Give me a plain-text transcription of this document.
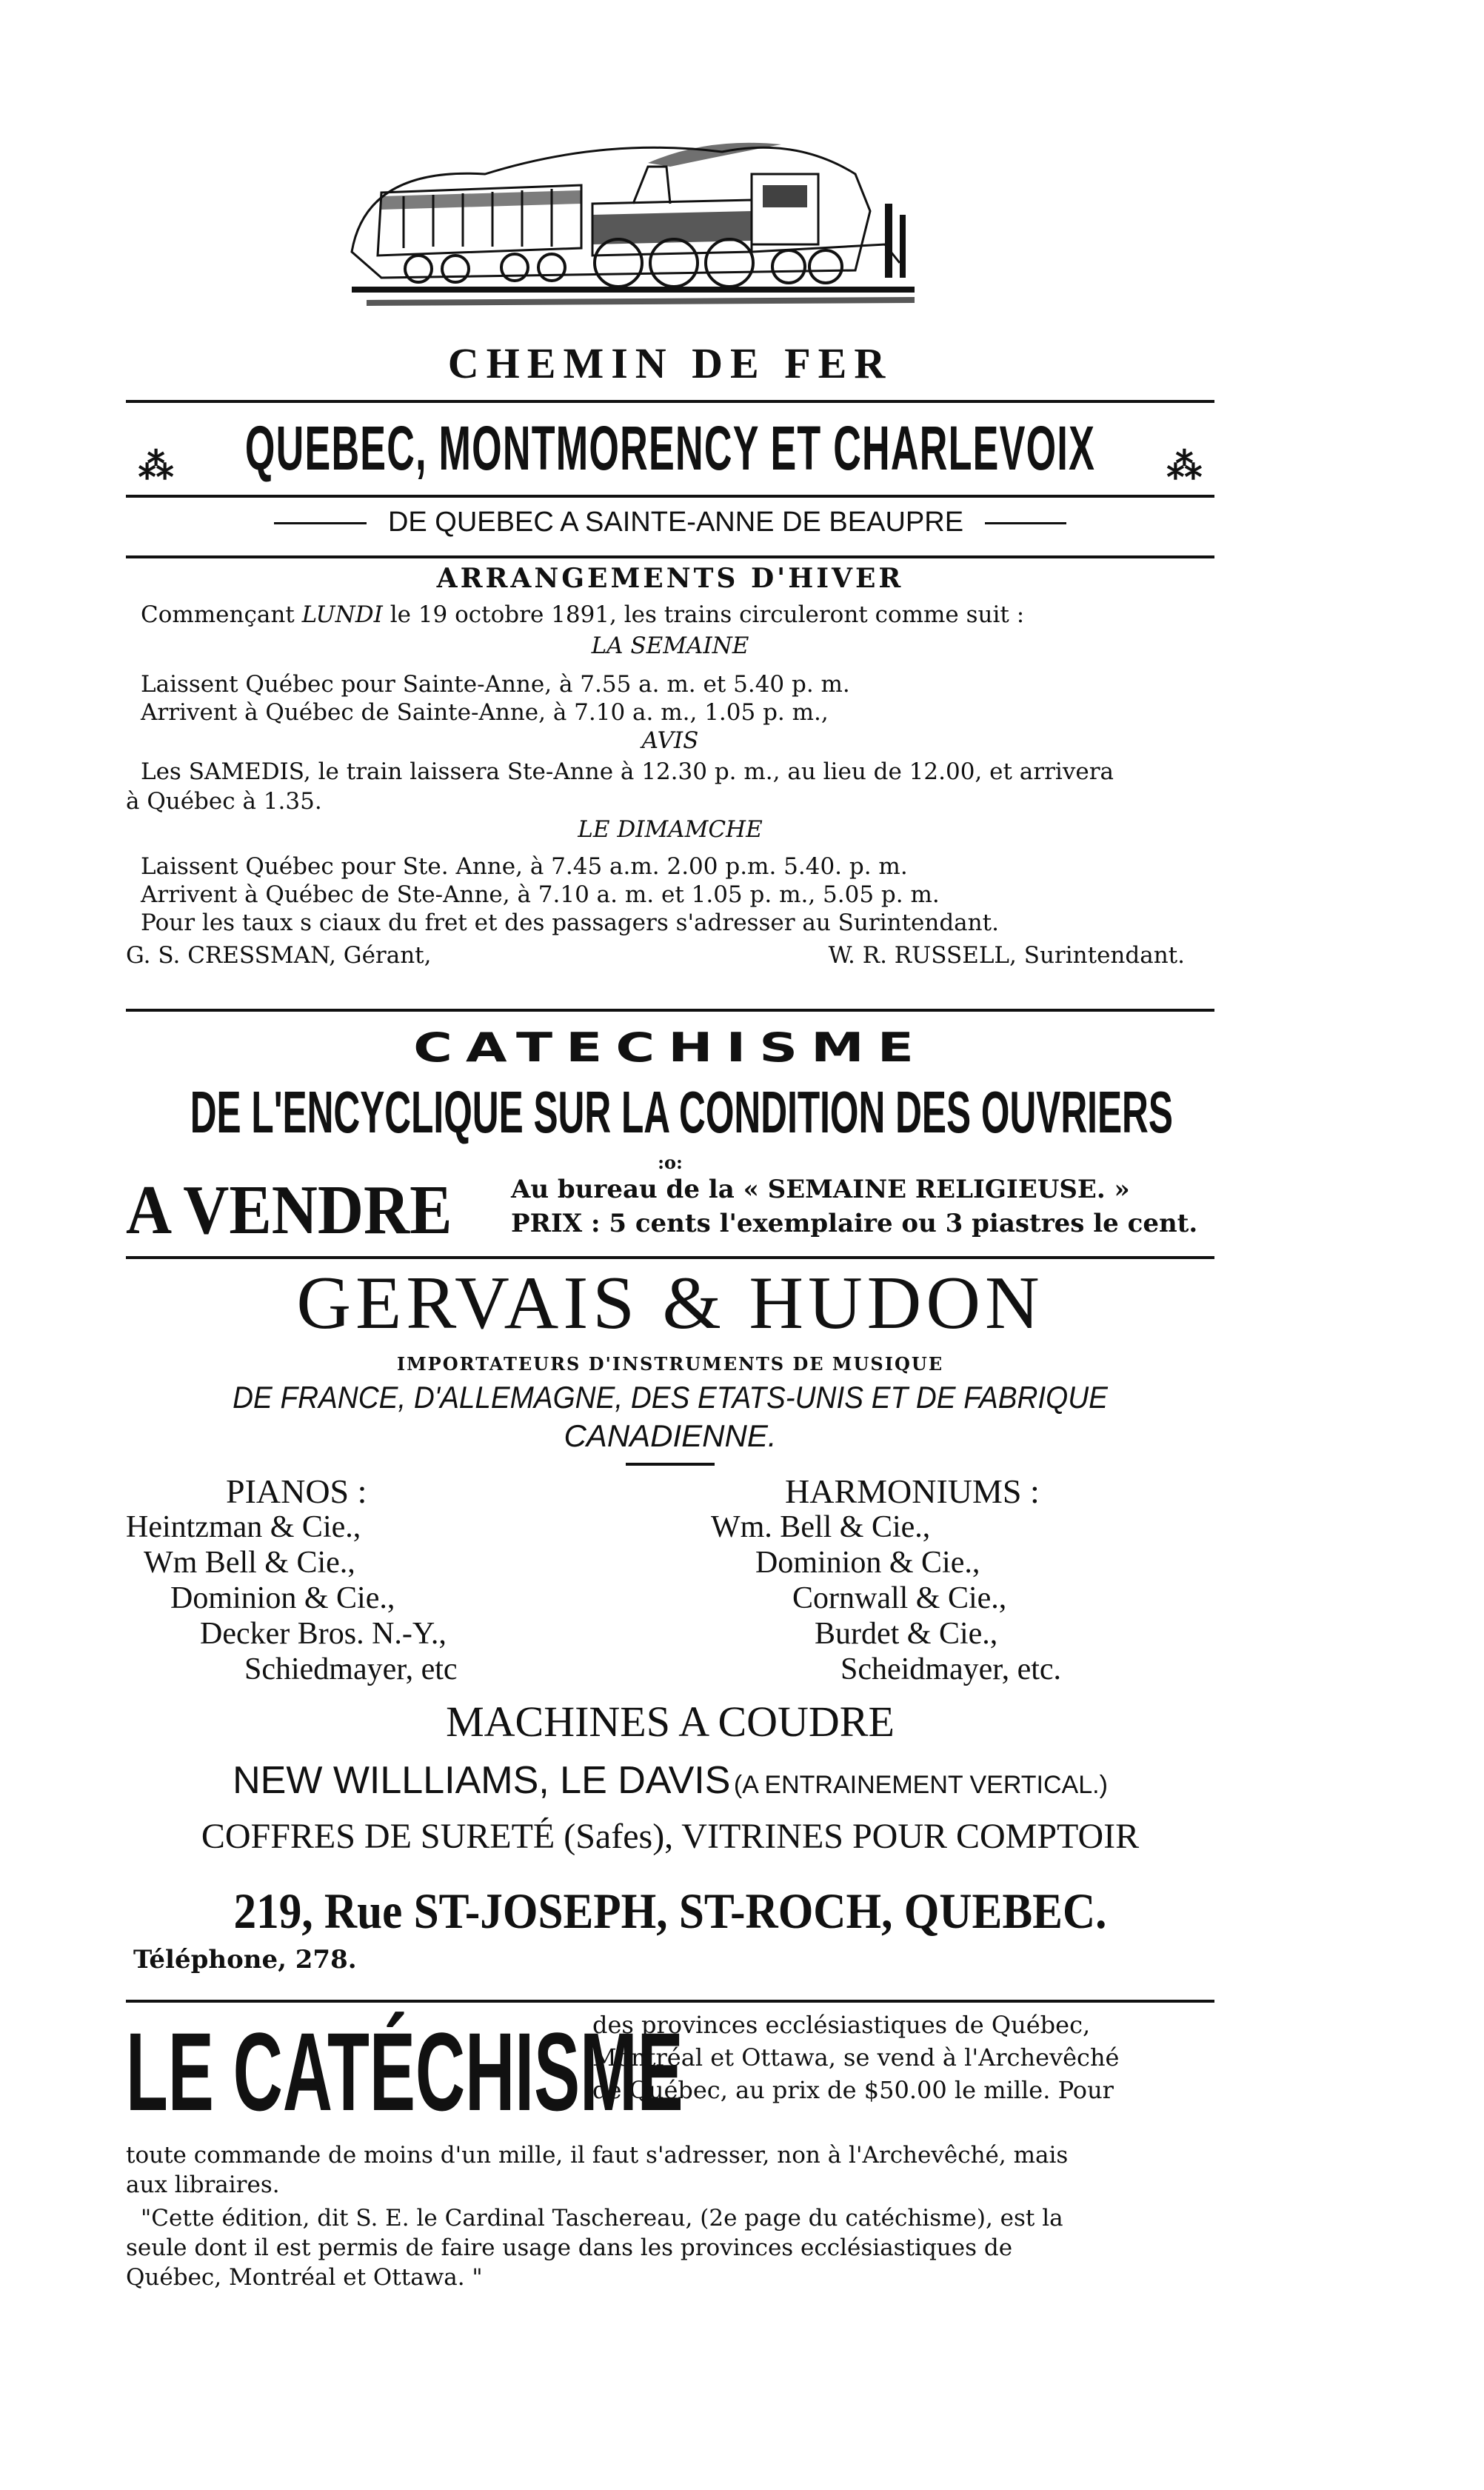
CHEMIN DE FER
⁂ QUEBEC, MONTMORENCY ET CHARLEVOIX ⁂
DE QUEBEC A SAINTE-ANNE DE BEAUPRE
ARRANGEMENTS D'HIVER
Commençant LUNDI le 19 octobre 1891, les trains circuleront comme suit :
LA SEMAINE
Laissent Québec pour Sainte-Anne, à 7.55 a. m. et 5.40 p. m.
Arrivent à Québec de Sainte-Anne, à 7.10 a. m., 1.05 p. m.,
AVIS
Les SAMEDIS, le train laissera Ste-Anne à 12.30 p. m., au lieu de 12.00, et arrivera
à Québec à 1.35.
LE DIMAMCHE
Laissent Québec pour Ste. Anne, à 7.45 a.m. 2.00 p.m. 5.40. p. m.
Arrivent à Québec de Ste-Anne, à 7.10 a. m. et 1.05 p. m., 5.05 p. m.
Pour les taux s ciaux du fret et des passagers s'adresser au Surintendant.
G. S. CRESSMAN, Gérant,	W. R. RUSSELL, Surintendant.
CATECHISME
DE L'ENCYCLIQUE SUR LA CONDITION DES OUVRIERS
:o:
A VENDRE Au bureau de la « SEMAINE RELIGIEUSE. »
PRIX : 5 cents l'exemplaire ou 3 piastres le cent.
GERVAIS & HUDON
IMPORTATEURS D'INSTRUMENTS DE MUSIQUE
DE FRANCE, D'ALLEMAGNE, DES ETATS-UNIS ET DE FABRIQUE
CANADIENNE.
PIANOS :
Heintzman & Cie.,
Wm Bell & Cie.,
Dominion & Cie.,
Decker Bros. N.-Y.,
Schiedmayer, etc
HARMONIUMS :
Wm. Bell & Cie.,
Dominion & Cie.,
Cornwall & Cie.,
Burdet & Cie.,
Scheidmayer, etc.
MACHINES A COUDRE
NEW WILLLIAMS, LE DAVIS (A ENTRAINEMENT VERTICAL.)
COFFRES DE SURETÉ (Safes), VITRINES POUR COMPTOIR
219, Rue ST-JOSEPH, ST-ROCH, QUEBEC.
Téléphone, 278.
LE CATÉCHISME
des provinces ecclésiastiques de Québec,
Montréal et Ottawa, se vend à l'Archevêché
de Québec, au prix de $50.00 le mille. Pour
toute commande de moins d'un mille, il faut s'adresser, non à l'Archevêché, mais
aux libraires.
"Cette édition, dit S. E. le Cardinal Taschereau, (2e page du catéchisme), est la
seule dont il est permis de faire usage dans les provinces ecclésiastiques de
Québec, Montréal et Ottawa. "
